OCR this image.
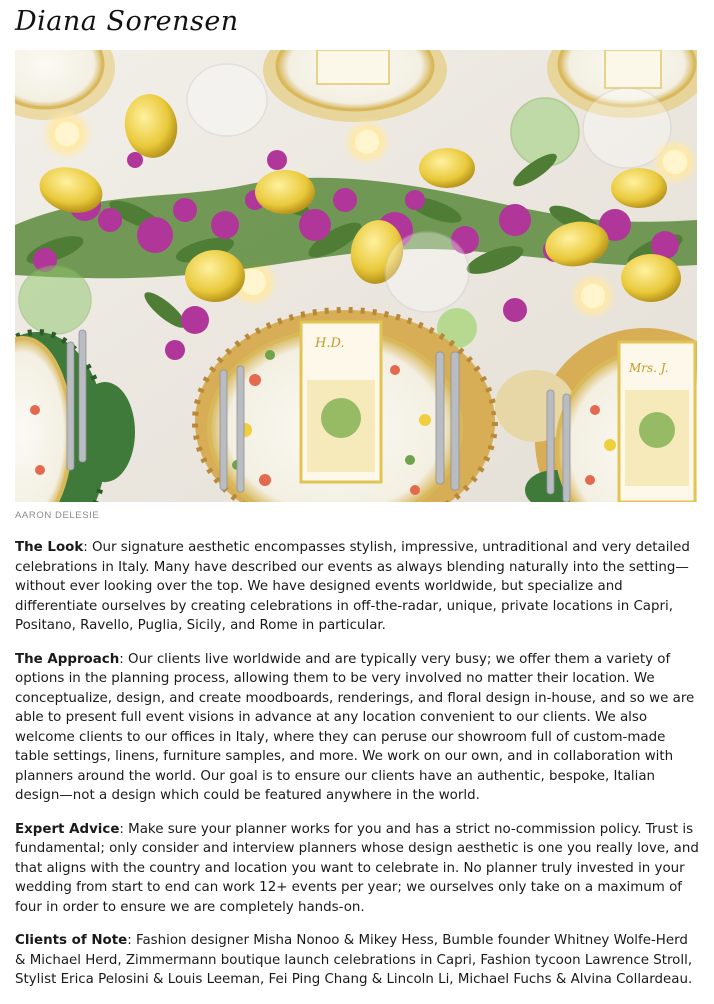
Diana Sorensen
H.D.
Mrs. J.
AARON DELESIE

The Look: Our signature aesthetic encompasses stylish, impressive, untraditional and very detailed celebrations in Italy. Many have described our events as always blending naturally into the setting—without ever looking over the top. We have designed events worldwide, but specialize and differentiate ourselves by creating celebrations in off-the-radar, unique, private locations in Capri, Positano, Ravello, Puglia, Sicily, and Rome in particular.

The Approach: Our clients live worldwide and are typically very busy; we offer them a variety of options in the planning process, allowing them to be very involved no matter their location. We conceptualize, design, and create moodboards, renderings, and floral design in-house, and so we are able to present full event visions in advance at any location convenient to our clients. We also welcome clients to our offices in Italy, where they can peruse our showroom full of custom-made table settings, linens, furniture samples, and more. We work on our own, and in collaboration with planners around the world. Our goal is to ensure our clients have an authentic, bespoke, Italian design—not a design which could be featured anywhere in the world.

Expert Advice: Make sure your planner works for you and has a strict no-commission policy. Trust is fundamental; only consider and interview planners whose design aesthetic is one you really love, and that aligns with the country and location you want to celebrate in. No planner truly invested in your wedding from start to end can work 12+ events per year; we ourselves only take on a maximum of four in order to ensure we are completely hands-on.

Clients of Note: Fashion designer Misha Nonoo & Mikey Hess, Bumble founder Whitney Wolfe-Herd & Michael Herd, Zimmermann boutique launch celebrations in Capri, Fashion tycoon Lawrence Stroll, Stylist Erica Pelosini & Louis Leeman, Fei Ping Chang & Lincoln Li, Michael Fuchs & Alvina Collardeau.
